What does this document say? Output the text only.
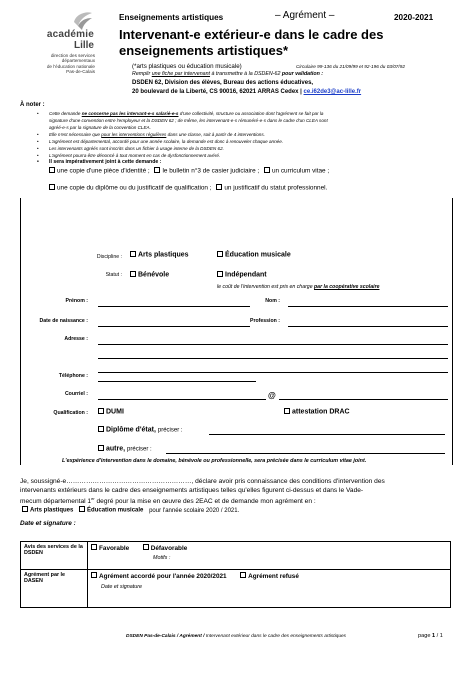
académie
Lille
direction des services
départementaux
de l'éducation nationale
Pas-de-Calais
Enseignements artistiques	– Agrément –	2020-2021
Intervenant-e extérieur-e dans le cadre des
enseignements artistiques*
(*arts plastiques ou éducation musicale)	Circulaire 99-136 du 21/09/99 et 92-196 du 03/07/92
Remplir une fiche par intervenant à transmettre à la DSDEN-62 pour validation :
DSDEN 62, Division des élèves, Bureau des actions éducatives,
20 boulevard de la Liberté, CS 90016, 62021 ARRAS Cedex | ce.i62de3@ac-lille.fr
À noter :
• Cette demande ne concerne pas les intervant-e-s salarié-e-s d'une collectivité, structure ou association dont l'agrément se fait par la
signature d'une convention entre l'employeur et la DSDEN 62 ; de même, les intervenant-e-s rémunéré-e-s dans le cadre d'un CLEA sont
agréé-e-s par la signature de la convention CLEA.
• Elle n'est nécessaire que pour les interventions régulières dans une classe, soit à partir de 4 interventions.
• L'agrément est départemental, accordé pour une année scolaire, la demande est donc à renouveler chaque année.
• Les intervenants agréés sont inscrits dans un fichier à usage interne de la DSDEN 62.
• L'agrément pourra être dénoncé à tout moment en cas de dysfonctionnement avéré.
• Il sera impérativement joint à cette demande :
une copie d'une pièce d'identité ; le bulletin n°3 de casier judiciaire ; un curriculum vitae ;
une copie du diplôme ou du justificatif de qualification ; un justificatif du statut professionnel.
Discipline :	Arts plastiques	Éducation musicale
Statut :	Bénévole	Indépendant
le coût de l'intervention est pris en charge par la coopérative scolaire
Prénom :	Nom :
Date de naissance :	Profession :
Adresse :
Téléphone :
Courriel :	@
Qualification :	DUMI	attestation DRAC
Diplôme d'état, préciser :
autre, préciser :
L'expérience d'intervention dans le domaine, bénévole ou professionnelle, sera précisée dans le curriculum vitae joint.
Je, soussigné-e…………………………………………………, déclare avoir pris connaissance des conditions d'intervention des
intervenants extérieurs dans le cadre des enseignements artistiques telles qu'elles figurent ci-dessus et dans le Vade-
mecum départemental 1er degré pour la mise en œuvre des 2EAC et de demande mon agrément en :
Arts plastiques Éducation musicale pour l'année scolaire 2020 / 2021.
Date et signature :
Avis des services de la DSDEN	Favorable Défavorable
Motifs :

Agrément par le DASEN	Agrément accordé pour l'année 2020/2021 Agrément refusé
Date et signature
DSDEN Pas-de-Calais / Agrément / Intervenant extérieur dans le cadre des enseignements artistiques	page 1 / 1
